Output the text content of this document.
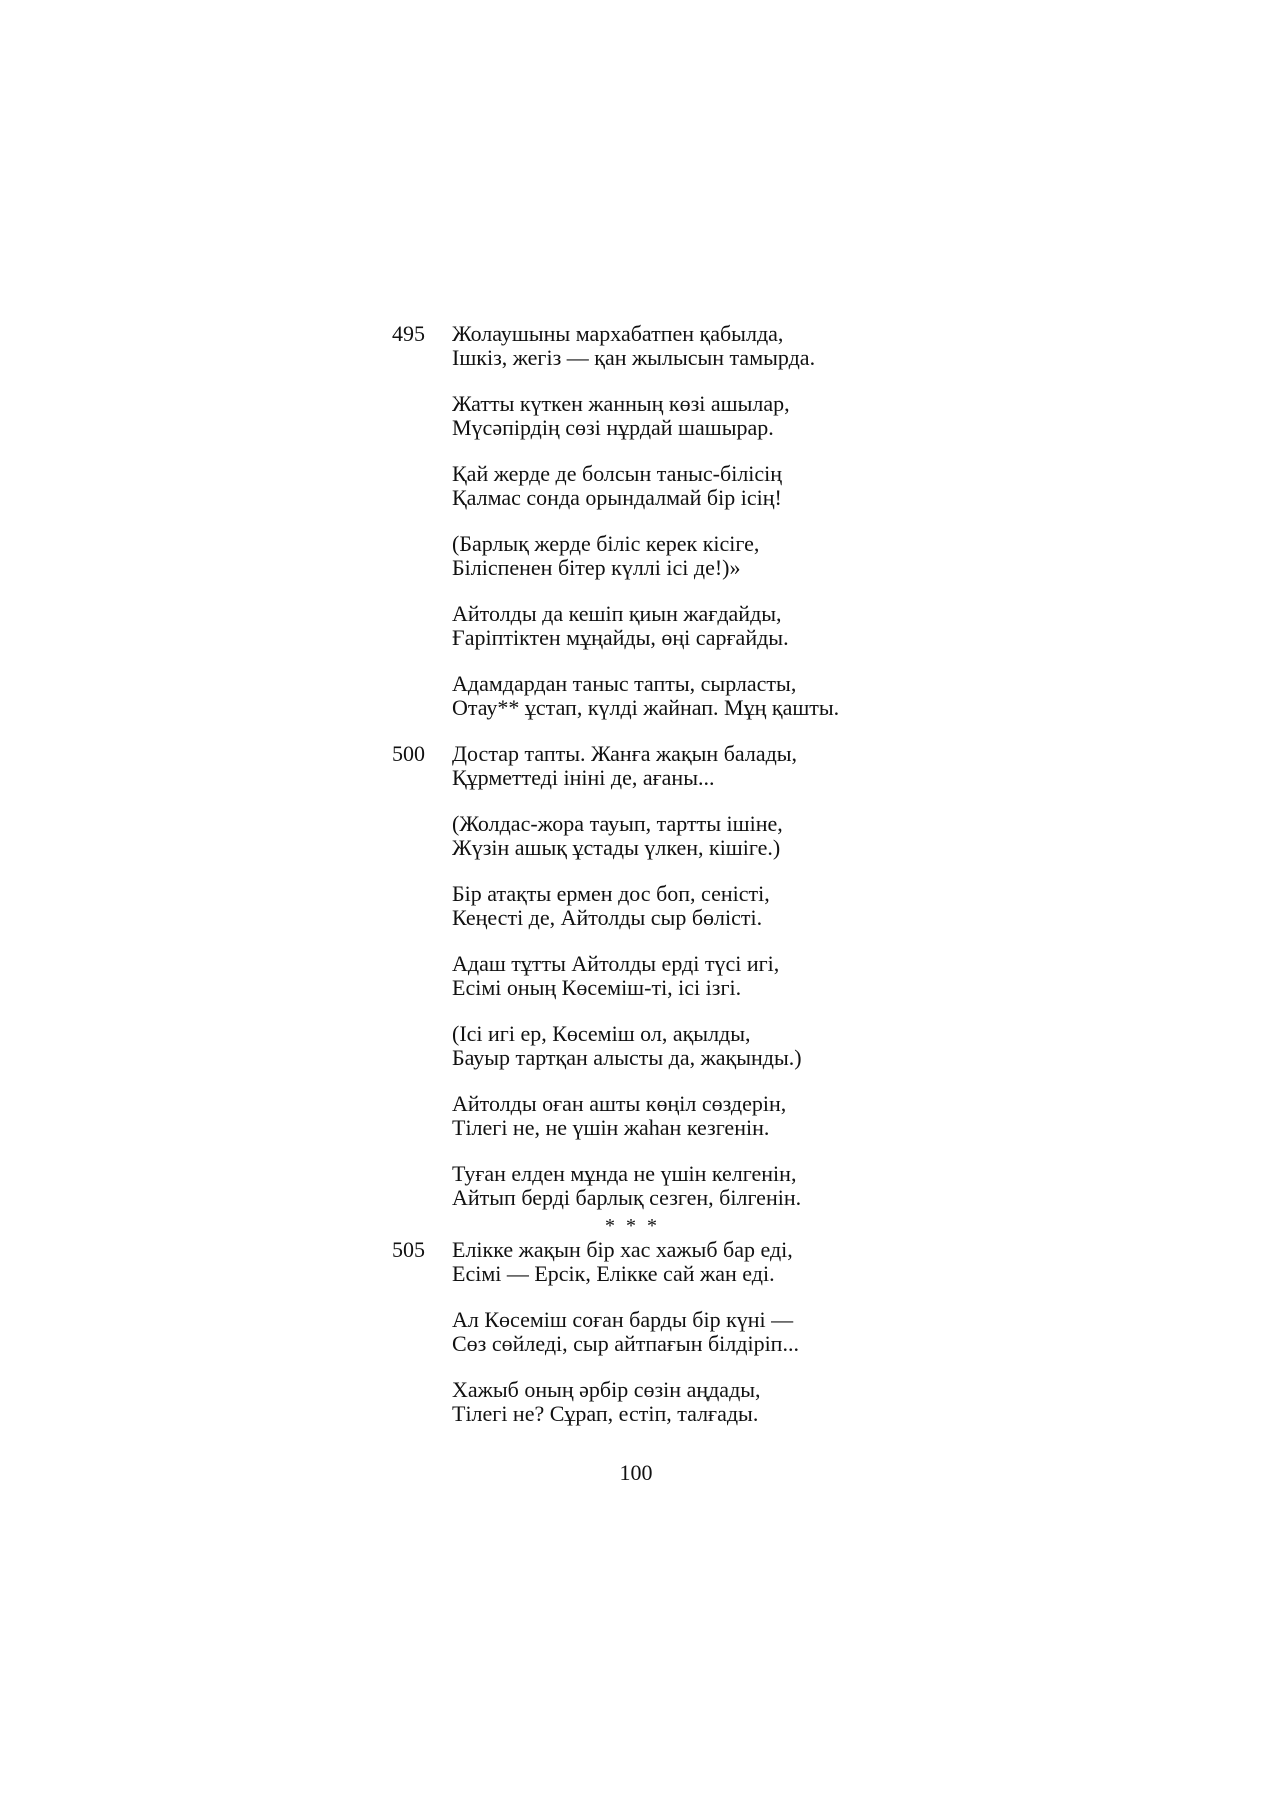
495	Жолаушыны мархабатпен қабылда,
Ішкіз, жегіз — қан жылысын тамырда.
Жатты күткен жанның көзі ашылар,
Мүсәпірдің сөзі нұрдай шашырар.
Қай жерде де болсын таныс-білісің
Қалмас сонда орындалмай бір ісің!
(Барлық жерде біліс керек кісіге,
Біліспенен бітер күллі ісі де!)»
Айтолды да кешіп қиын жағдайды,
Ғаріптіктен мұңайды, өңі сарғайды.
Адамдардан таныс тапты, сырласты,
Отау** ұстап, күлді жайнап. Мұң қашты.
500	Достар тапты. Жанға жақын балады,
Құрметтеді ініні де, ағаны...
(Жолдас-жора тауып, тартты ішіне,
Жүзін ашық ұстады үлкен, кішіге.)
Бір атақты ермен дос боп, сеністі,
Кеңесті де, Айтолды сыр бөлісті.
Адаш тұтты Айтолды ерді түсі игі,
Есімі оның Көсеміш-ті, ісі ізгі.
(Ісі игі ер, Көсеміш ол, ақылды,
Бауыр тартқан алысты да, жақынды.)
Айтолды оған ашты көңіл сөздерін,
Тілегі не, не үшін жаһан кезгенін.
Туған елден мұнда не үшін келгенін,
Айтып берді барлық сезген, білгенін.
* * *
505	Елікке жақын бір хас хажыб бар еді,
Есімі — Ерсік, Елікке сай жан еді.
Ал Көсеміш соған барды бір күні —
Сөз сөйледі, сыр айтпағын білдіріп...
Хажыб оның әрбір сөзін аңдады,
Тілегі не? Сұрап, естіп, талғады.
100
